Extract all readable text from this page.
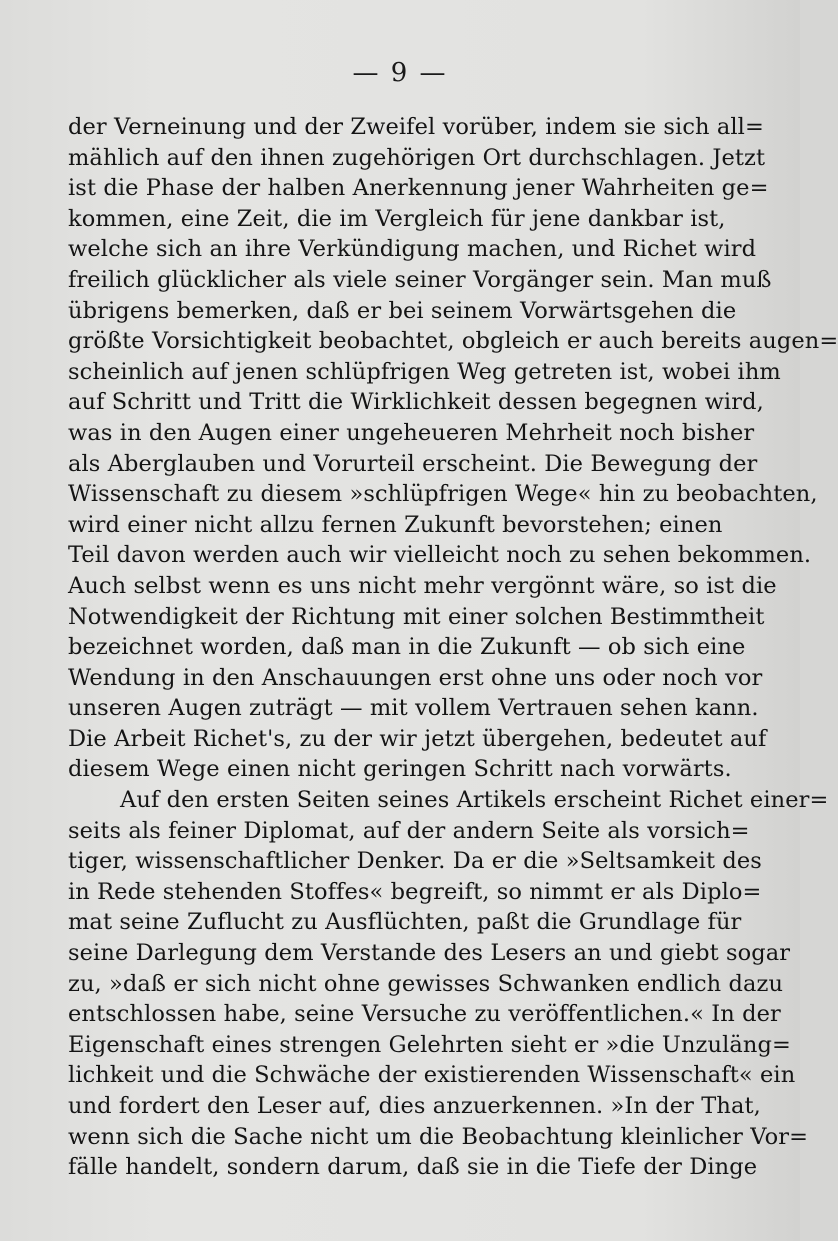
— 9 —
der Verneinung und der Zweifel vorüber, indem sie sich all=
mählich auf den ihnen zugehörigen Ort durchschlagen. Jetzt
ist die Phase der halben Anerkennung jener Wahrheiten ge=
kommen, eine Zeit, die im Vergleich für jene dankbar ist,
welche sich an ihre Verkündigung machen, und Richet wird
freilich glücklicher als viele seiner Vorgänger sein. Man muß
übrigens bemerken, daß er bei seinem Vorwärtsgehen die
größte Vorsichtigkeit beobachtet, obgleich er auch bereits augen=
scheinlich auf jenen schlüpfrigen Weg getreten ist, wobei ihm
auf Schritt und Tritt die Wirklichkeit dessen begegnen wird,
was in den Augen einer ungeheueren Mehrheit noch bisher
als Aberglauben und Vorurteil erscheint. Die Bewegung der
Wissenschaft zu diesem »schlüpfrigen Wege« hin zu beobachten,
wird einer nicht allzu fernen Zukunft bevorstehen; einen
Teil davon werden auch wir vielleicht noch zu sehen bekommen.
Auch selbst wenn es uns nicht mehr vergönnt wäre, so ist die
Notwendigkeit der Richtung mit einer solchen Bestimmtheit
bezeichnet worden, daß man in die Zukunft — ob sich eine
Wendung in den Anschauungen erst ohne uns oder noch vor
unseren Augen zuträgt — mit vollem Vertrauen sehen kann.
Die Arbeit Richet's, zu der wir jetzt übergehen, bedeutet auf
diesem Wege einen nicht geringen Schritt nach vorwärts.
Auf den ersten Seiten seines Artikels erscheint Richet einer=
seits als feiner Diplomat, auf der andern Seite als vorsich=
tiger, wissenschaftlicher Denker. Da er die »Seltsamkeit des
in Rede stehenden Stoffes« begreift, so nimmt er als Diplo=
mat seine Zuflucht zu Ausflüchten, paßt die Grundlage für
seine Darlegung dem Verstande des Lesers an und giebt sogar
zu, »daß er sich nicht ohne gewisses Schwanken endlich dazu
entschlossen habe, seine Versuche zu veröffentlichen.« In der
Eigenschaft eines strengen Gelehrten sieht er »die Unzuläng=
lichkeit und die Schwäche der existierenden Wissenschaft« ein
und fordert den Leser auf, dies anzuerkennen. »In der That,
wenn sich die Sache nicht um die Beobachtung kleinlicher Vor=
fälle handelt, sondern darum, daß sie in die Tiefe der Dinge
